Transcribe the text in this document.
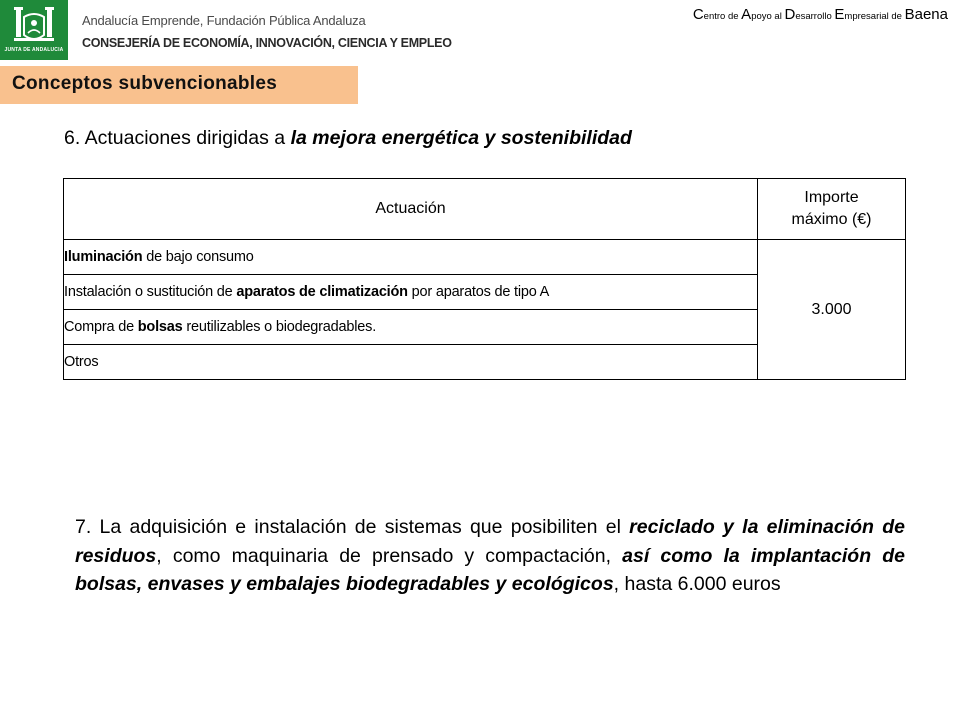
JUNTA DE ANDALUCIA
Andalucía Emprende, Fundación Pública Andaluza
CONSEJERÍA DE ECONOMÍA, INNOVACIÓN, CIENCIA Y EMPLEO
Centro de Apoyo al Desarrollo Empresarial de Baena
Conceptos subvencionables
6. Actuaciones dirigidas a la mejora energética y sostenibilidad
Actuación	Importe
máximo (€)
Iluminación de bajo consumo	3.000
Instalación o sustitución de aparatos de climatización por aparatos de tipo A	
Compra de bolsas reutilizables o biodegradables.	
Otros	
7. La adquisición e instalación de sistemas que posibiliten el reciclado y la eliminación de residuos, como maquinaria de prensado y compactación, así como la implantación de bolsas, envases y embalajes biodegradables y ecológicos, hasta 6.000 euros
